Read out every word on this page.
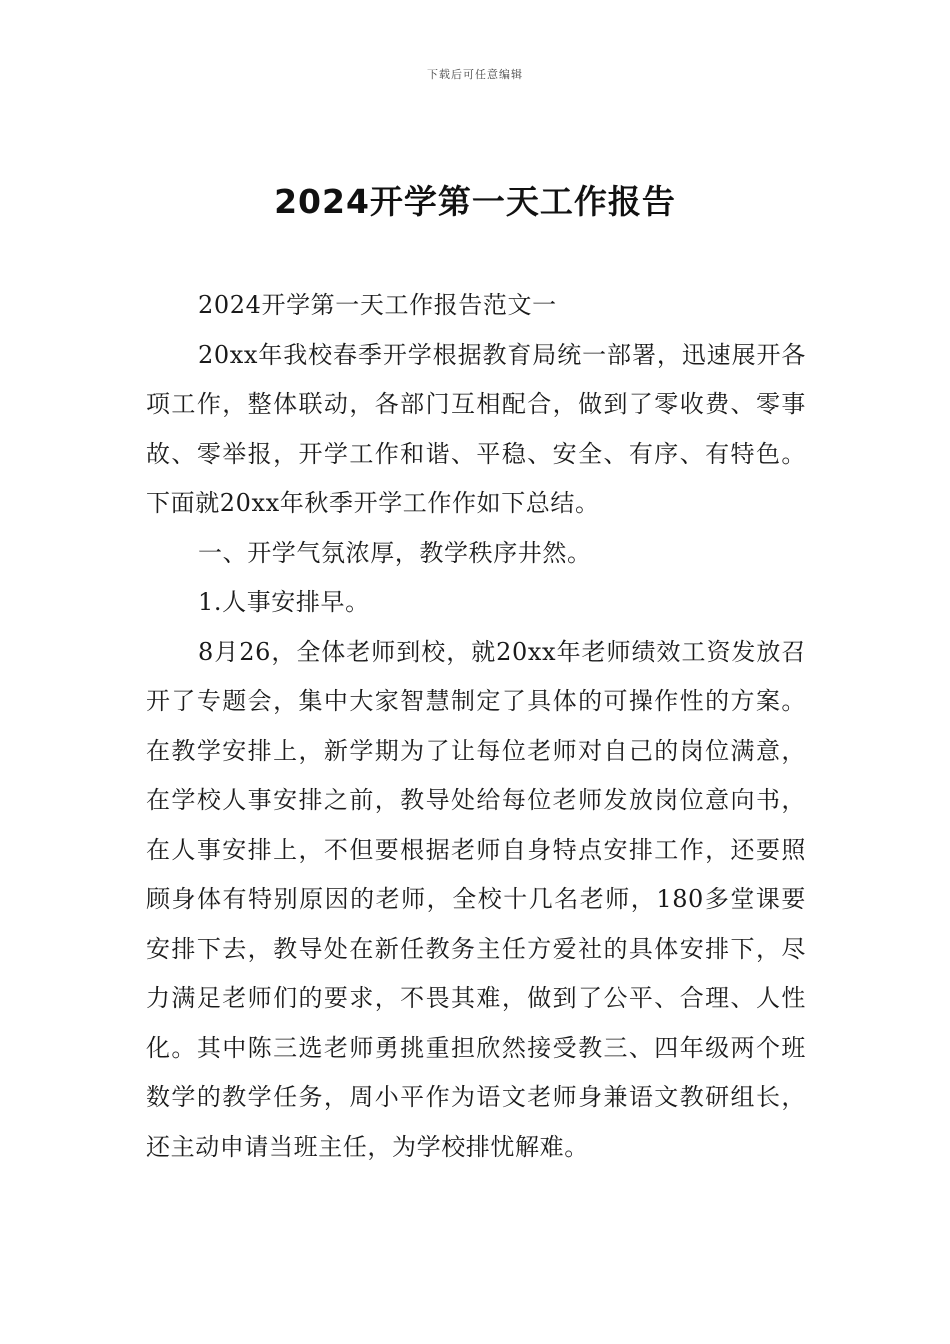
下载后可任意编辑
2024开学第一天工作报告

2024开学第一天工作报告范文一

20xx年我校春季开学根据教育局统一部署，迅速展开各项工作，整体联动，各部门互相配合，做到了零收费、零事故、零举报，开学工作和谐、平稳、安全、有序、有特色。下面就20xx年秋季开学工作作如下总结。

一、开学气氛浓厚，教学秩序井然。

1.人事安排早。

8月26，全体老师到校，就20xx年老师绩效工资发放召开了专题会，集中大家智慧制定了具体的可操作性的方案。在教学安排上，新学期为了让每位老师对自己的岗位满意，在学校人事安排之前，教导处给每位老师发放岗位意向书，在人事安排上，不但要根据老师自身特点安排工作，还要照顾身体有特别原因的老师，全校十几名老师，180多堂课要安排下去，教导处在新任教务主任方爱社的具体安排下，尽力满足老师们的要求，不畏其难，做到了公平、合理、人性化。其中陈三选老师勇挑重担欣然接受教三、四年级两个班数学的教学任务，周小平作为语文老师身兼语文教研组长，还主动申请当班主任，为学校排忧解难。
